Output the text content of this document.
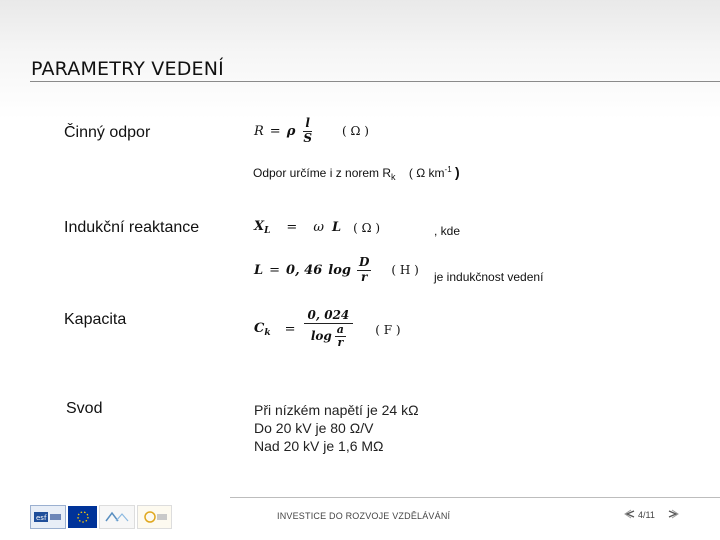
PARAMETRY VEDENÍ
Činný odpor	R = ρ $\frac{l}{S}$ ( Ω )
Odpor určíme i z norem $R_k$ ( Ω $km^{-1}$ )
Indukční reaktance	$X_L = \omega$ L ( Ω )	, kde
L = 0, 46 $\log \frac{D}{r}$ ( H ) je indukčnost vedení
Kapacita
$C_k = \frac{0, 024}{\log \frac{a}{r}}$ ( F )
Svod	Při nízkém napětí je 24 kΩ
Do 20 kV je 80 Ω/V
Nad 20 kV je 1,6 MΩ
esf	INVESTICE DO ROZVOJE VZDĚLÁVÁNÍ	4/11
